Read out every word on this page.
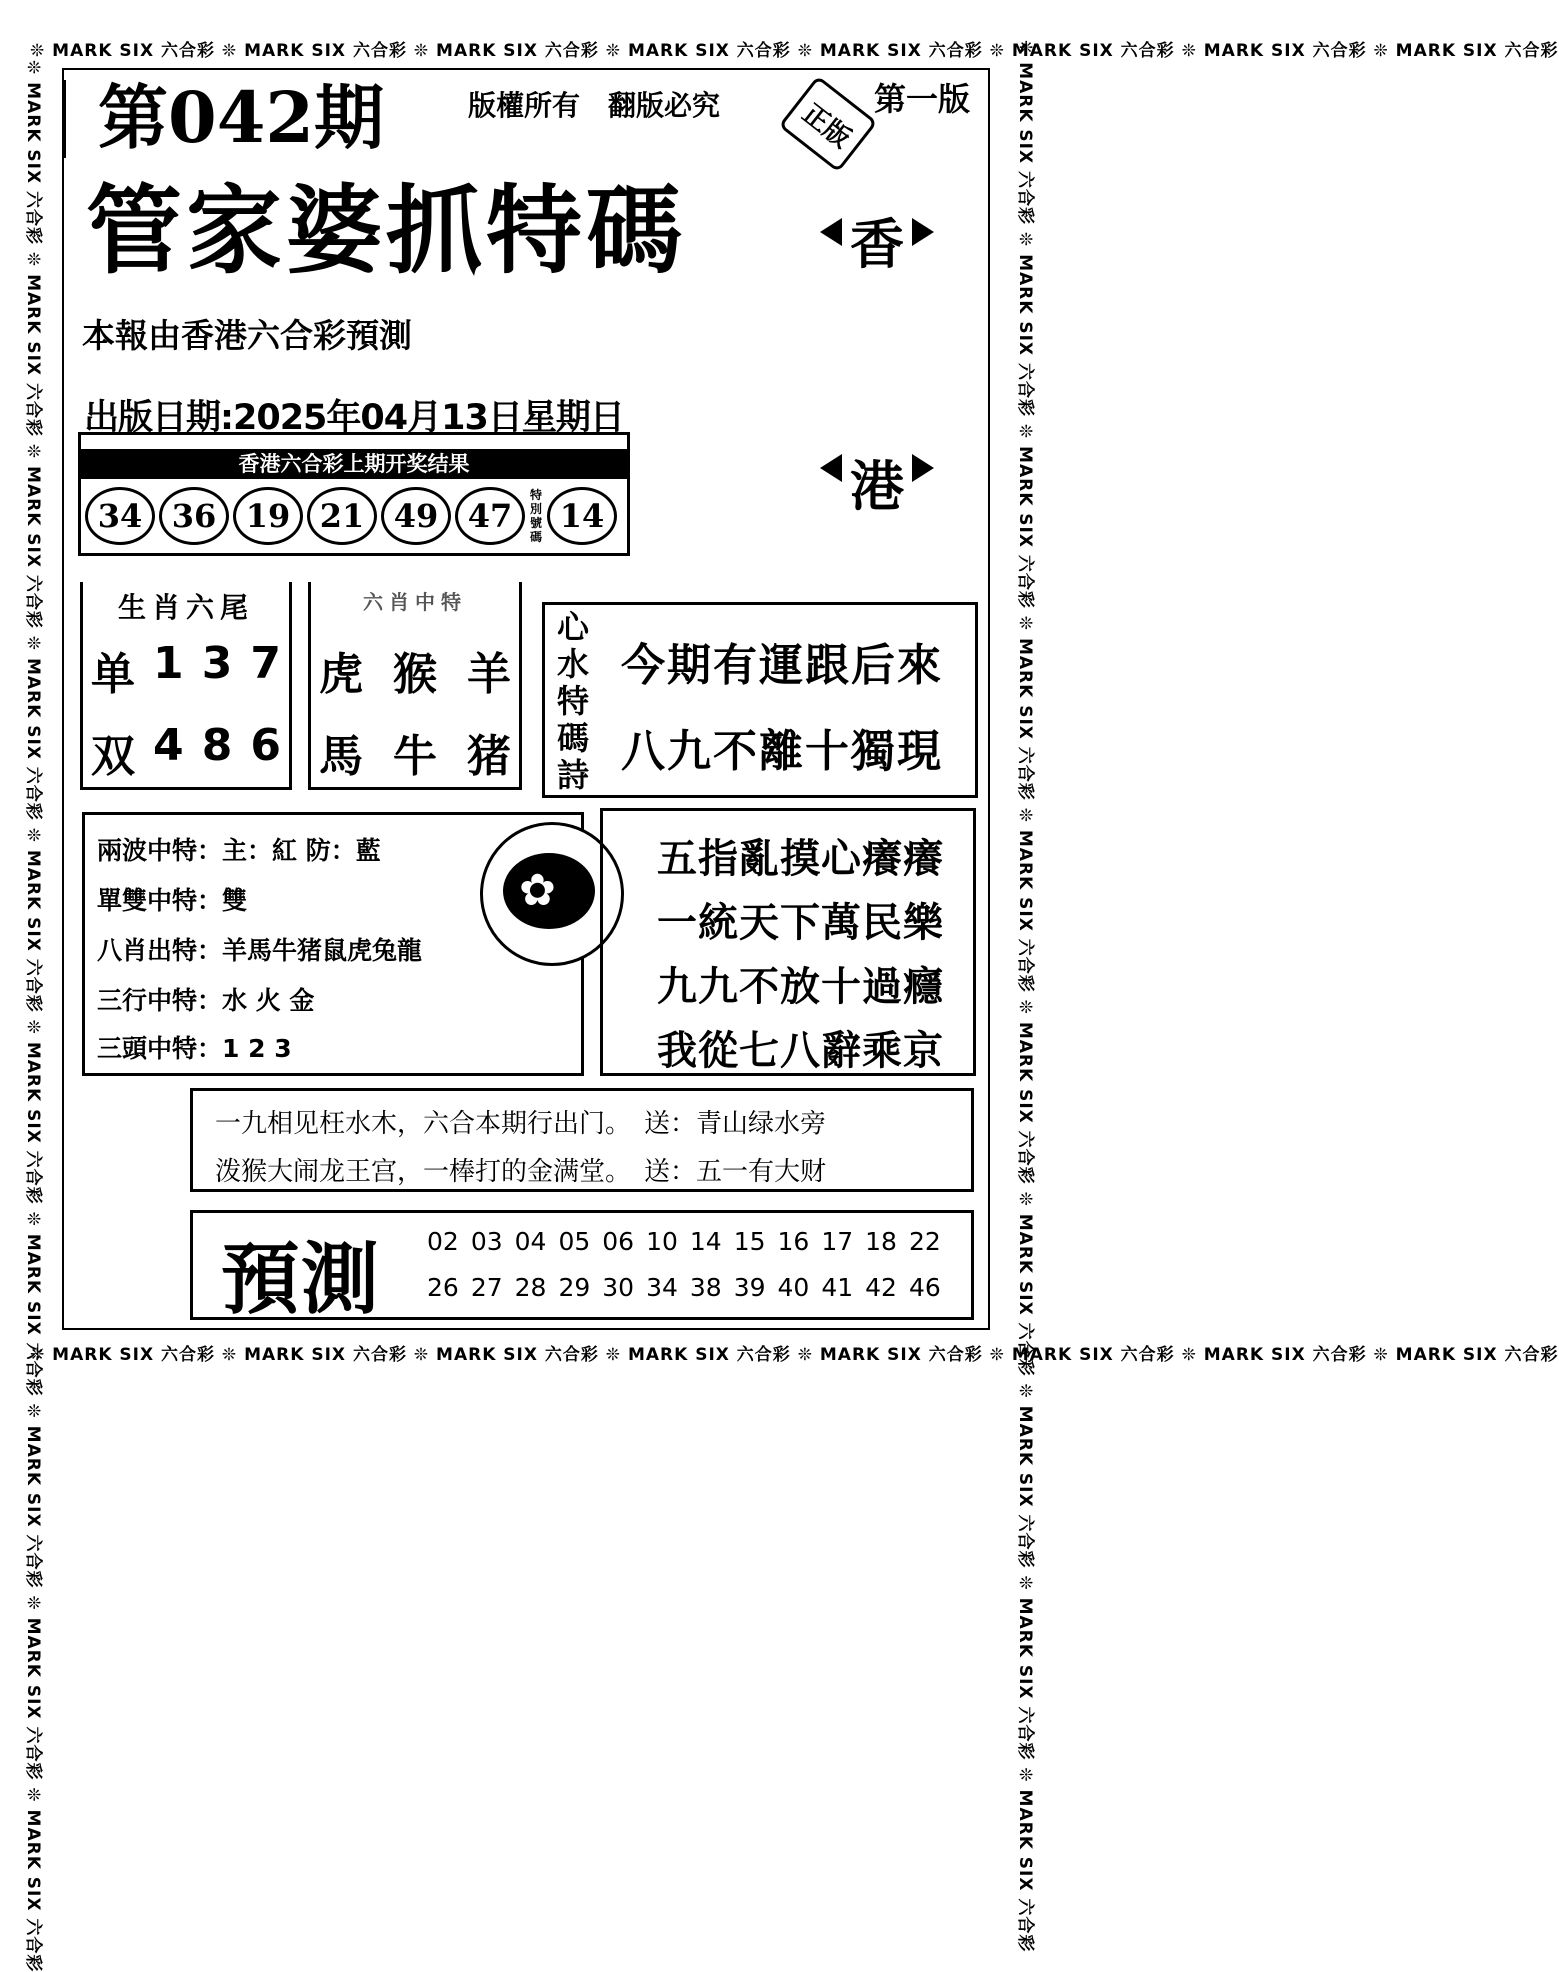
❊ MARK SIX 六合彩 ❊ MARK SIX 六合彩 ❊ MARK SIX 六合彩 ❊ MARK SIX 六合彩 ❊ MARK SIX 六合彩 ❊ MARK SIX 六合彩 ❊ MARK SIX 六合彩 ❊ MARK SIX 六合彩
❊ MARK SIX 六合彩 ❊ MARK SIX 六合彩 ❊ MARK SIX 六合彩 ❊ MARK SIX 六合彩 ❊ MARK SIX 六合彩 ❊ MARK SIX 六合彩 ❊ MARK SIX 六合彩 ❊ MARK SIX 六合彩
❊ MARK SIX 六合彩 ❊ MARK SIX 六合彩 ❊ MARK SIX 六合彩 ❊ MARK SIX 六合彩 ❊ MARK SIX 六合彩 ❊ MARK SIX 六合彩 ❊ MARK SIX 六合彩 ❊ MARK SIX 六合彩 ❊ MARK SIX 六合彩 ❊ MARK SIX 六合彩	❊ MARK SIX 六合彩 ❊ MARK SIX 六合彩 ❊ MARK SIX 六合彩 ❊ MARK SIX 六合彩 ❊ MARK SIX 六合彩 ❊ MARK SIX 六合彩 ❊ MARK SIX 六合彩 ❊ MARK SIX 六合彩 ❊ MARK SIX 六合彩 ❊ MARK SIX 六合彩
第042期	版權所有　翻版必究	正版 第一版
管家婆抓特碼
本報由香港六合彩預測
出版日期:2025年04月13日星期日
香
港
香港六合彩上期开奖结果
34 36 19 21 49 47
特別號碼
14
生肖六尾
单 1 3 7
双 4 8 6
六肖中特
虎 猴 羊
馬 牛 猪
心水特碼詩
今期有運跟后來
八九不離十獨現
兩波中特：主：紅 防：藍
單雙中特：雙
八肖出特：羊馬牛猪鼠虎兔龍
三行中特：水 火 金
三頭中特：1 2 3
✿
五指亂摸心癢癢
一統天下萬民樂
九九不放十過癮
我從七八辭乘京
一九相见枉水木，六合本期行出门。　送：青山绿水旁
泼猴大闹龙王宫，一棒打的金满堂。　送：五一有大财
預測 02 03 04 05 06 10 14 15 16 17 18 22
26 27 28 29 30 34 38 39 40 41 42 46
